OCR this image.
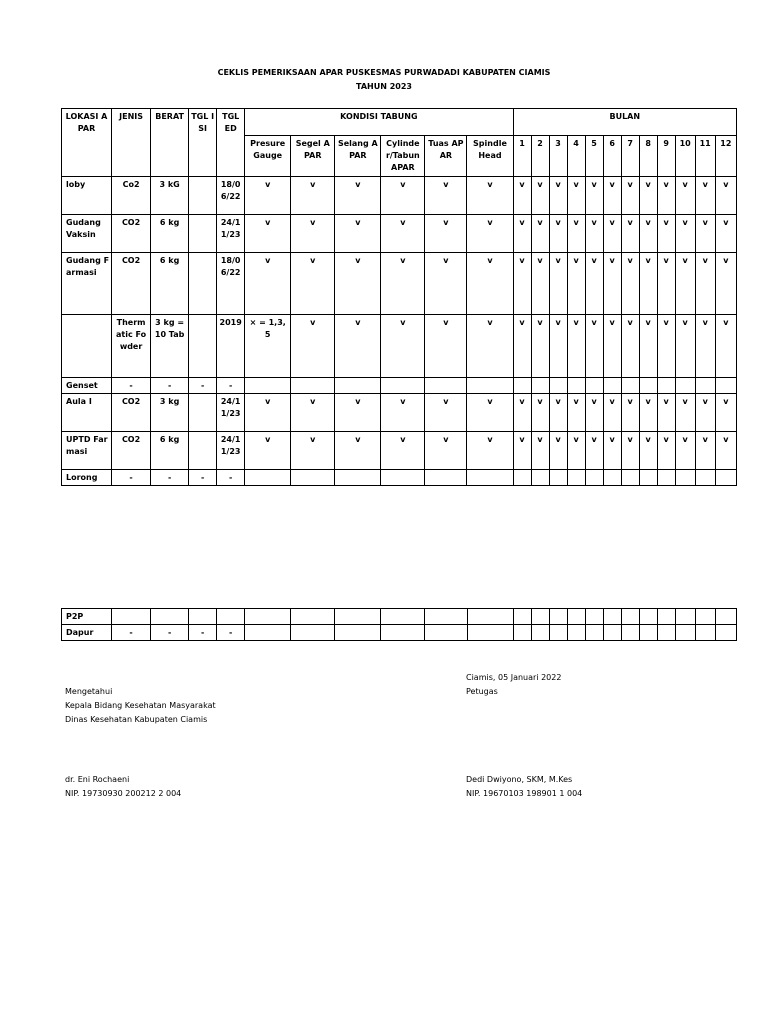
CEKLIS PEMERIKSAAN APAR PUSKESMAS PURWADADI KABUPATEN CIAMIS
TAHUN 2023
LOKASI APAR	JENIS	BERAT	TGL ISI	TGL ED	KONDISI TABUNG						BULAN											
					Presure Gauge	Segel APAR	Selang APAR	Cylinder/Tabun APAR	Tuas APAR	Spindle Head	1	2	3	4	5	6	7	8	9	10	11	12
loby	Co2	3 kG		18/06/22	v	v	v	v	v	v	v	v	v	v	v	v	v	v	v	v	v	v
Gudang Vaksin	CO2	6 kg		24/11/23	v	v	v	v	v	v	v	v	v	v	v	v	v	v	v	v	v	v
Gudang Farmasi	CO2	6 kg		18/06/22	v	v	v	v	v	v	v	v	v	v	v	v	v	v	v	v	v	v
	Thermatic Fowder	3 kg = 10 Tab		2019	× = 1,3,5	v	v	v	v	v	v	v	v	v	v	v	v	v	v	v	v	v
Genset	-	-	-	-																		
Aula I	CO2	3 kg		24/11/23	v	v	v	v	v	v	v	v	v	v	v	v	v	v	v	v	v	v
UPTD Farmasi	CO2	6 kg		24/11/23	v	v	v	v	v	v	v	v	v	v	v	v	v	v	v	v	v	v
Lorong	-	-	-	-																		
P2P																						
Dapur	-	-	-	-																		
Ciamis, 05 Januari 2022
Petugas
Mengetahui
Kepala Bidang Kesehatan Masyarakat
Dinas Kesehatan Kabupaten Ciamis
dr. Eni Rochaeni
NIP. 19730930 200212 2 004
Dedi Dwiyono, SKM, M.Kes
NIP. 19670103 198901 1 004
